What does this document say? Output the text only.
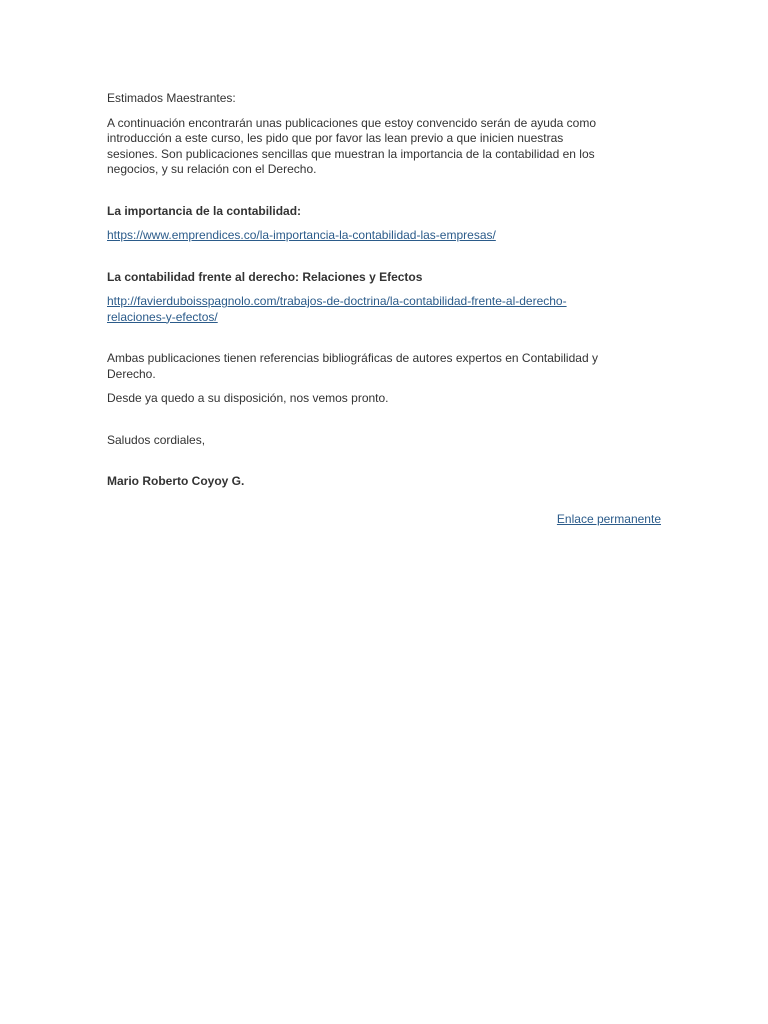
Estimados Maestrantes:

A continuación encontrarán unas publicaciones que estoy convencido serán de ayuda como
introducción a este curso, les pido que por favor las lean previo a que inicien nuestras
sesiones. Son publicaciones sencillas que muestran la importancia de la contabilidad en los
negocios, y su relación con el Derecho.

La importancia de la contabilidad:

https://www.emprendices.co/la-importancia-la-contabilidad-las-empresas/

La contabilidad frente al derecho: Relaciones y Efectos

http://favierduboisspagnolo.com/trabajos-de-doctrina/la-contabilidad-frente-al-derecho-
relaciones-y-efectos/

Ambas publicaciones tienen referencias bibliográficas de autores expertos en Contabilidad y
Derecho.

Desde ya quedo a su disposición, nos vemos pronto.

Saludos cordiales,

Mario Roberto Coyoy G.

Enlace permanente
